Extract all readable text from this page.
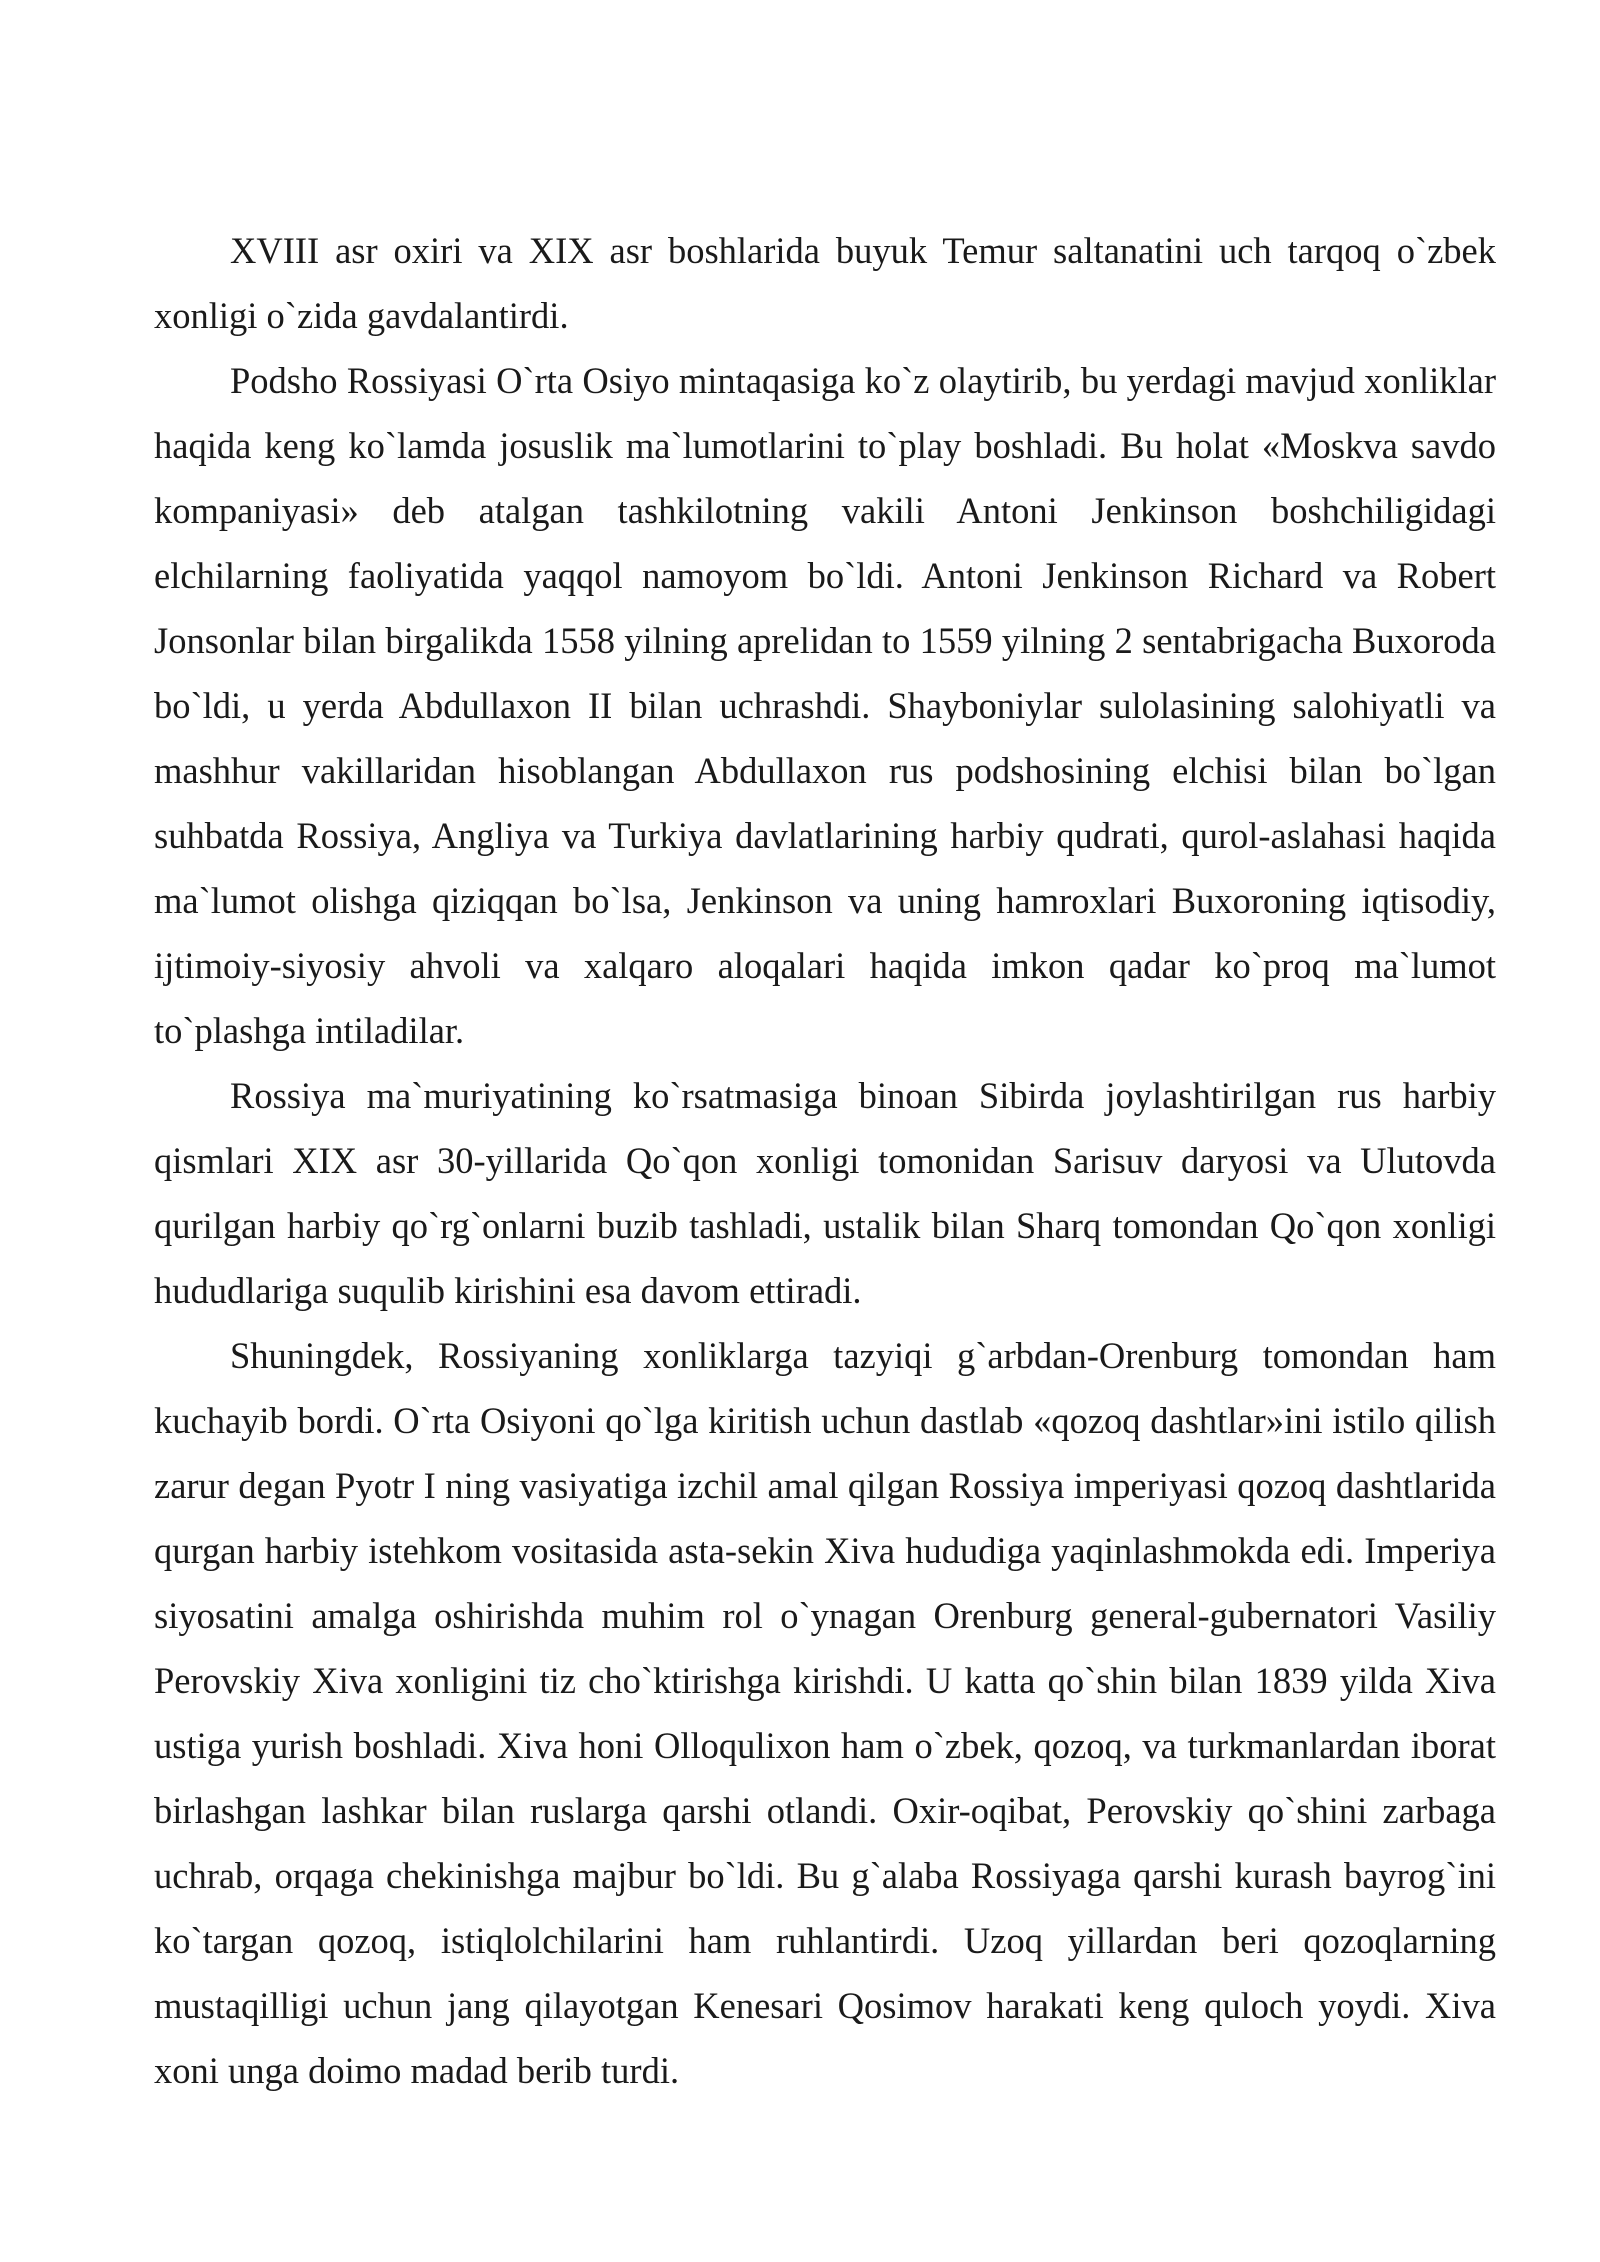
XVIII asr oxiri va XIX asr boshlarida buyuk Temur saltanatini uch tarqoq o`zbek xonligi o`zida gavdalantirdi.

Podsho Rossiyasi O`rta Osiyo mintaqasiga ko`z olaytirib, bu yerdagi mavjud xonliklar haqida keng ko`lamda josuslik ma`lumotlarini to`play boshladi. Bu holat «Moskva savdo kompaniyasi» deb atalgan tashkilotning vakili Antoni Jenkinson boshchiligidagi elchilarning faoliyatida yaqqol namoyom bo`ldi. Antoni Jenkinson Richard va Robert Jonsonlar bilan birgalikda 1558 yilning aprelidan to 1559 yilning 2 sentabrigacha Buxoroda bo`ldi, u yerda Abdullaxon II bilan uchrashdi. Shayboniylar sulolasining salohiyatli va mashhur vakillaridan hisoblangan Abdullaxon rus podshosining elchisi bilan bo`lgan suhbatda Rossiya, Angliya va Turkiya davlatlarining harbiy qudrati, qurol-aslahasi haqida ma`lumot olishga qiziqqan bo`lsa, Jenkinson va uning hamroxlari Buxoroning iqtisodiy, ijtimoiy-siyosiy ahvoli va xalqaro aloqalari haqida imkon qadar ko`proq ma`lumot to`plashga intiladilar.

Rossiya ma`muriyatining ko`rsatmasiga binoan Sibirda joylashtirilgan rus harbiy qismlari XIX asr 30-yillarida Qo`qon xonligi tomonidan Sarisuv daryosi va Ulutovda qurilgan harbiy qo`rg`onlarni buzib tashladi, ustalik bilan Sharq tomondan Qo`qon xonligi hududlariga suqulib kirishini esa davom ettiradi.

Shuningdek, Rossiyaning xonliklarga tazyiqi g`arbdan-Orenburg tomondan ham kuchayib bordi. O`rta Osiyoni qo`lga kiritish uchun dastlab «qozoq dashtlar»ini istilo qilish zarur degan Pyotr I ning vasiyatiga izchil amal qilgan Rossiya imperiyasi qozoq dashtlarida qurgan harbiy istehkom vositasida asta-sekin Xiva hududiga yaqinlashmokda edi. Imperiya siyosatini amalga oshirishda muhim rol o`ynagan Orenburg general-gubernatori Vasiliy Perovskiy Xiva xonligini tiz cho`ktirishga kirishdi. U katta qo`shin bilan 1839 yilda Xiva ustiga yurish boshladi. Xiva honi Olloqulixon ham o`zbek, qozoq, va turkmanlardan iborat birlashgan lashkar bilan ruslarga qarshi otlandi. Oxir-oqibat, Perovskiy qo`shini zarbaga uchrab, orqaga chekinishga majbur bo`ldi. Bu g`alaba Rossiyaga qarshi kurash bayrog`ini ko`targan qozoq, istiqlolchilarini ham ruhlantirdi. Uzoq yillardan beri qozoqlarning mustaqilligi uchun jang qilayotgan Kenesari Qosimov harakati keng quloch yoydi. Xiva xoni unga doimo madad berib turdi.
